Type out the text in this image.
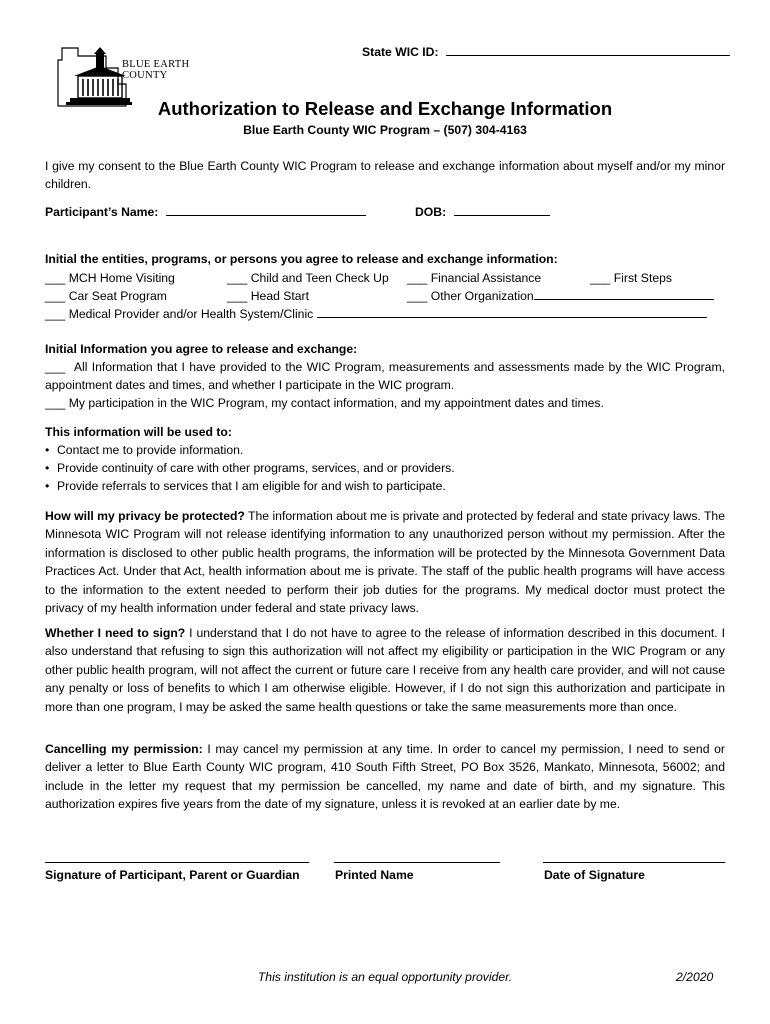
BLUE EARTH COUNTY
State WIC ID:
Authorization to Release and Exchange Information
Blue Earth County WIC Program – (507) 304-4163
I give my consent to the Blue Earth County WIC Program to release and exchange information about myself and/or my minor children.
Participant’s Name:	DOB:
Initial the entities, programs, or persons you agree to release and exchange information:
___ MCH Home Visiting	___ Child and Teen Check Up ___ Financial Assistance	___ First Steps
___ Car Seat Program	___ Head Start	___ Other Organization
___ Medical Provider and/or Health System/Clinic
Initial Information you agree to release and exchange:
___ All Information that I have provided to the WIC Program, measurements and assessments made by the WIC Program, appointment dates and times, and whether I participate in the WIC program.
___ My participation in the WIC Program, my contact information, and my appointment dates and times.
This information will be used to:
• Contact me to provide information.
• Provide continuity of care with other programs, services, and or providers.
• Provide referrals to services that I am eligible for and wish to participate.
How will my privacy be protected? The information about me is private and protected by federal and state privacy laws. The Minnesota WIC Program will not release identifying information to any unauthorized person without my permission. After the information is disclosed to other public health programs, the information will be protected by the Minnesota Government Data Practices Act. Under that Act, health information about me is private. The staff of the public health programs will have access to the information to the extent needed to perform their job duties for the programs. My medical doctor must protect the privacy of my health information under federal and state privacy laws.
Whether I need to sign? I understand that I do not have to agree to the release of information described in this document. I also understand that refusing to sign this authorization will not affect my eligibility or participation in the WIC Program or any other public health program, will not affect the current or future care I receive from any health care provider, and will not cause any penalty or loss of benefits to which I am otherwise eligible. However, if I do not sign this authorization and participate in more than one program, I may be asked the same health questions or take the same measurements more than once.
Cancelling my permission: I may cancel my permission at any time. In order to cancel my permission, I need to send or deliver a letter to Blue Earth County WIC program, 410 South Fifth Street, PO Box 3526, Mankato, Minnesota, 56002; and include in the letter my request that my permission be cancelled, my name and date of birth, and my signature. This authorization expires five years from the date of my signature, unless it is revoked at an earlier date by me.
Signature of Participant, Parent or Guardian	Printed Name	Date of Signature
This institution is an equal opportunity provider.	2/2020
